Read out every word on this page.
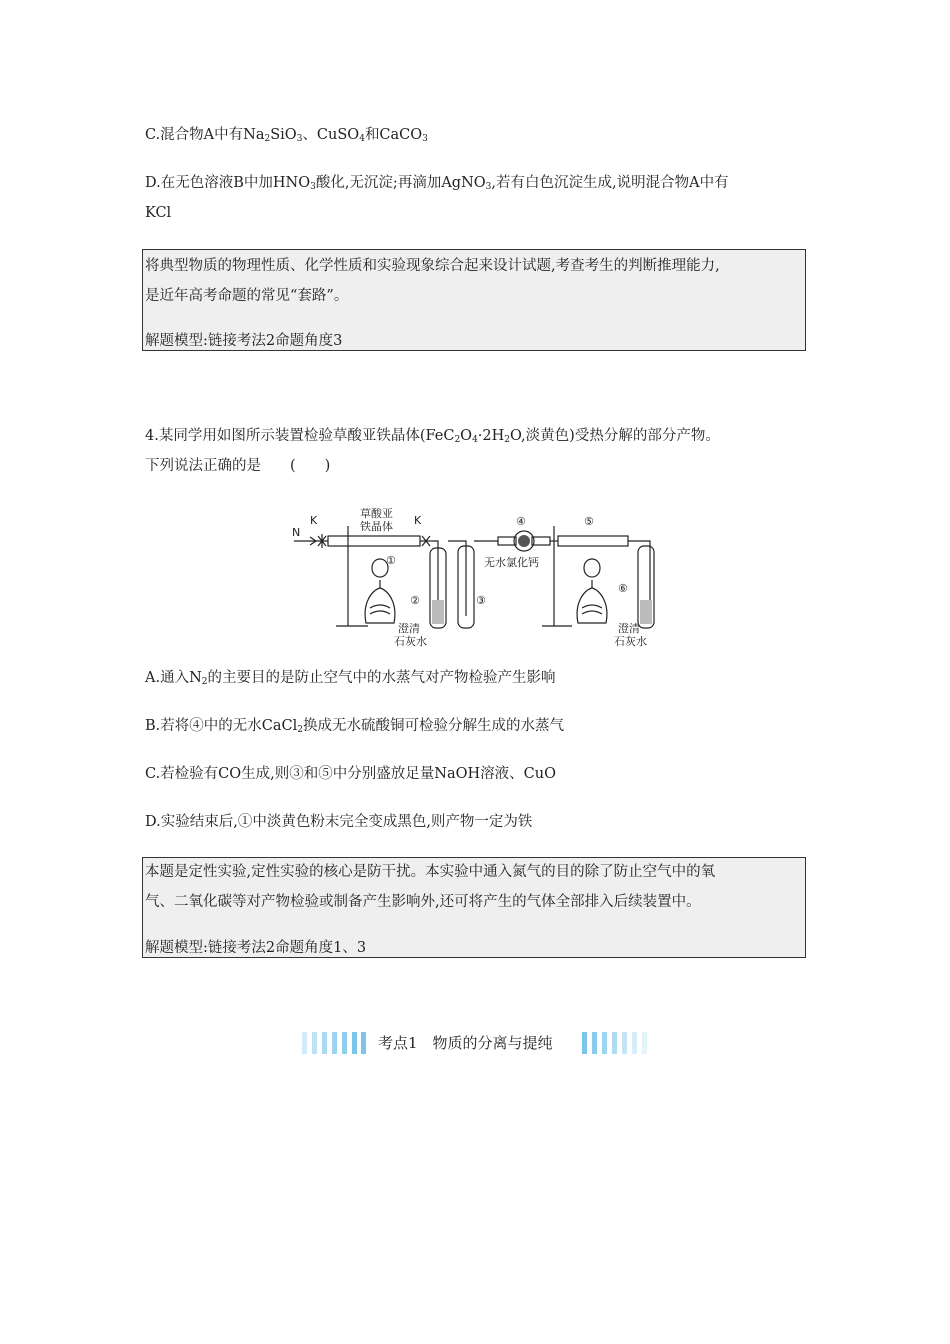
C.混合物A中有$Na_2SiO_3$、CuSO$_4$和CaCO$_3$
D.在无色溶液B中加$HNO_3$酸化,无沉淀;再滴加AgNO$_3$,若有白色沉淀生成,说明混合物A中有
KCl
将典型物质的物理性质、化学性质和实验现象综合起来设计试题,考查考生的判断推理能力,
是近年高考命题的常见“套路”。
解题模型:链接考法2命题角度3
4.某同学用如图所示装置检验草酸亚铁晶体($FeC_2O_4\cdot 2H_2O$,淡黄色)受热分解的部分产物。
下列说法正确的是　　(　　)
N
K	K
草酸亚
铁晶体
无水氯化钙
澄清
石灰水
澄清
石灰水
①
②	③
④	⑤
⑥
A.通入$N_2$的主要目的是防止空气中的水蒸气对产物检验产生影响
B.若将④中的无水CaCl$_2$换成无水硫酸铜可检验分解生成的水蒸气
C.若检验有CO生成,则③和⑤中分别盛放足量NaOH溶液、CuO
D.实验结束后,①中淡黄色粉末完全变成黑色,则产物一定为铁
本题是定性实验,定性实验的核心是防干扰。本实验中通入氮气的目的除了防止空气中的氧
气、二氧化碳等对产物检验或制备产生影响外,还可将产生的气体全部排入后续装置中。
解题模型:链接考法2命题角度1、3
考点1　物质的分离与提纯
